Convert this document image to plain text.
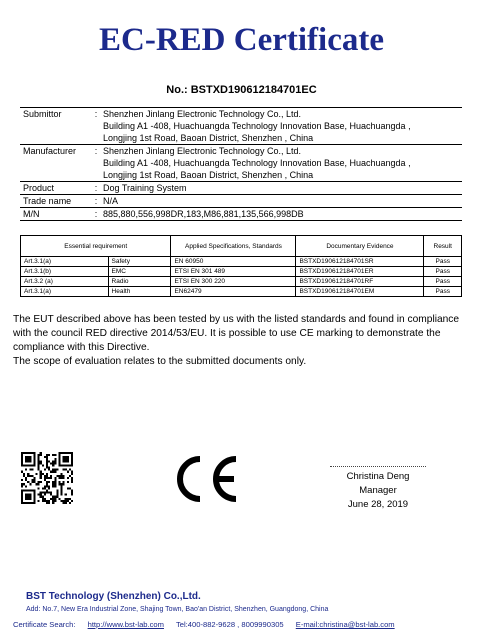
EC-RED Certificate
No.: BSTXD190612184701EC
Submittor	:	Shenzhen Jinlang Electronic Technology Co., Ltd.
		Building A1 -408, Huachuangda Technology Innovation Base, Huachuangda ,
		Longjing 1st Road, Baoan District, Shenzhen , China
Manufacturer	:	Shenzhen Jinlang Electronic Technology Co., Ltd.
		Building A1 -408, Huachuangda Technology Innovation Base, Huachuangda ,
		Longjing 1st Road, Baoan District, Shenzhen , China
Product	:	Dog Training System
Trade name	:	N/A
M/N	:	885,880,556,998DR,183,M86,881,135,566,998DB
Essential requirement		Applied Specifications, Standards	Documentary Evidence	Result
Art.3.1(a)	Safety	EN 60950	BSTXD190612184701SR	Pass
Art.3.1(b)	EMC	ETSI EN 301 489	BSTXD190612184701ER	Pass
Art.3.2 (a)	Radio	ETSI EN 300 220	BSTXD190612184701RF	Pass
Art.3.1(a)	Health	EN62479	BSTXD190612184701EM	Pass

The EUT described above has been tested by us with the listed standards and found in compliance with the council RED directive 2014/53/EU. It is possible to use CE marking to demonstrate the compliance with this Directive.

The scope of evaluation relates to the submitted documents only.

CE
Christina Deng
Manager
June 28, 2019
BST Technology (Shenzhen) Co.,Ltd.
Add: No.7, New Era Industrial Zone, Shajing Town, Bao'an District, Shenzhen, Guangdong, China
Certificate Search: http://www.bst-lab.com Tel:400-882-9628 , 8009990305 E-mail:christina@bst-lab.com
